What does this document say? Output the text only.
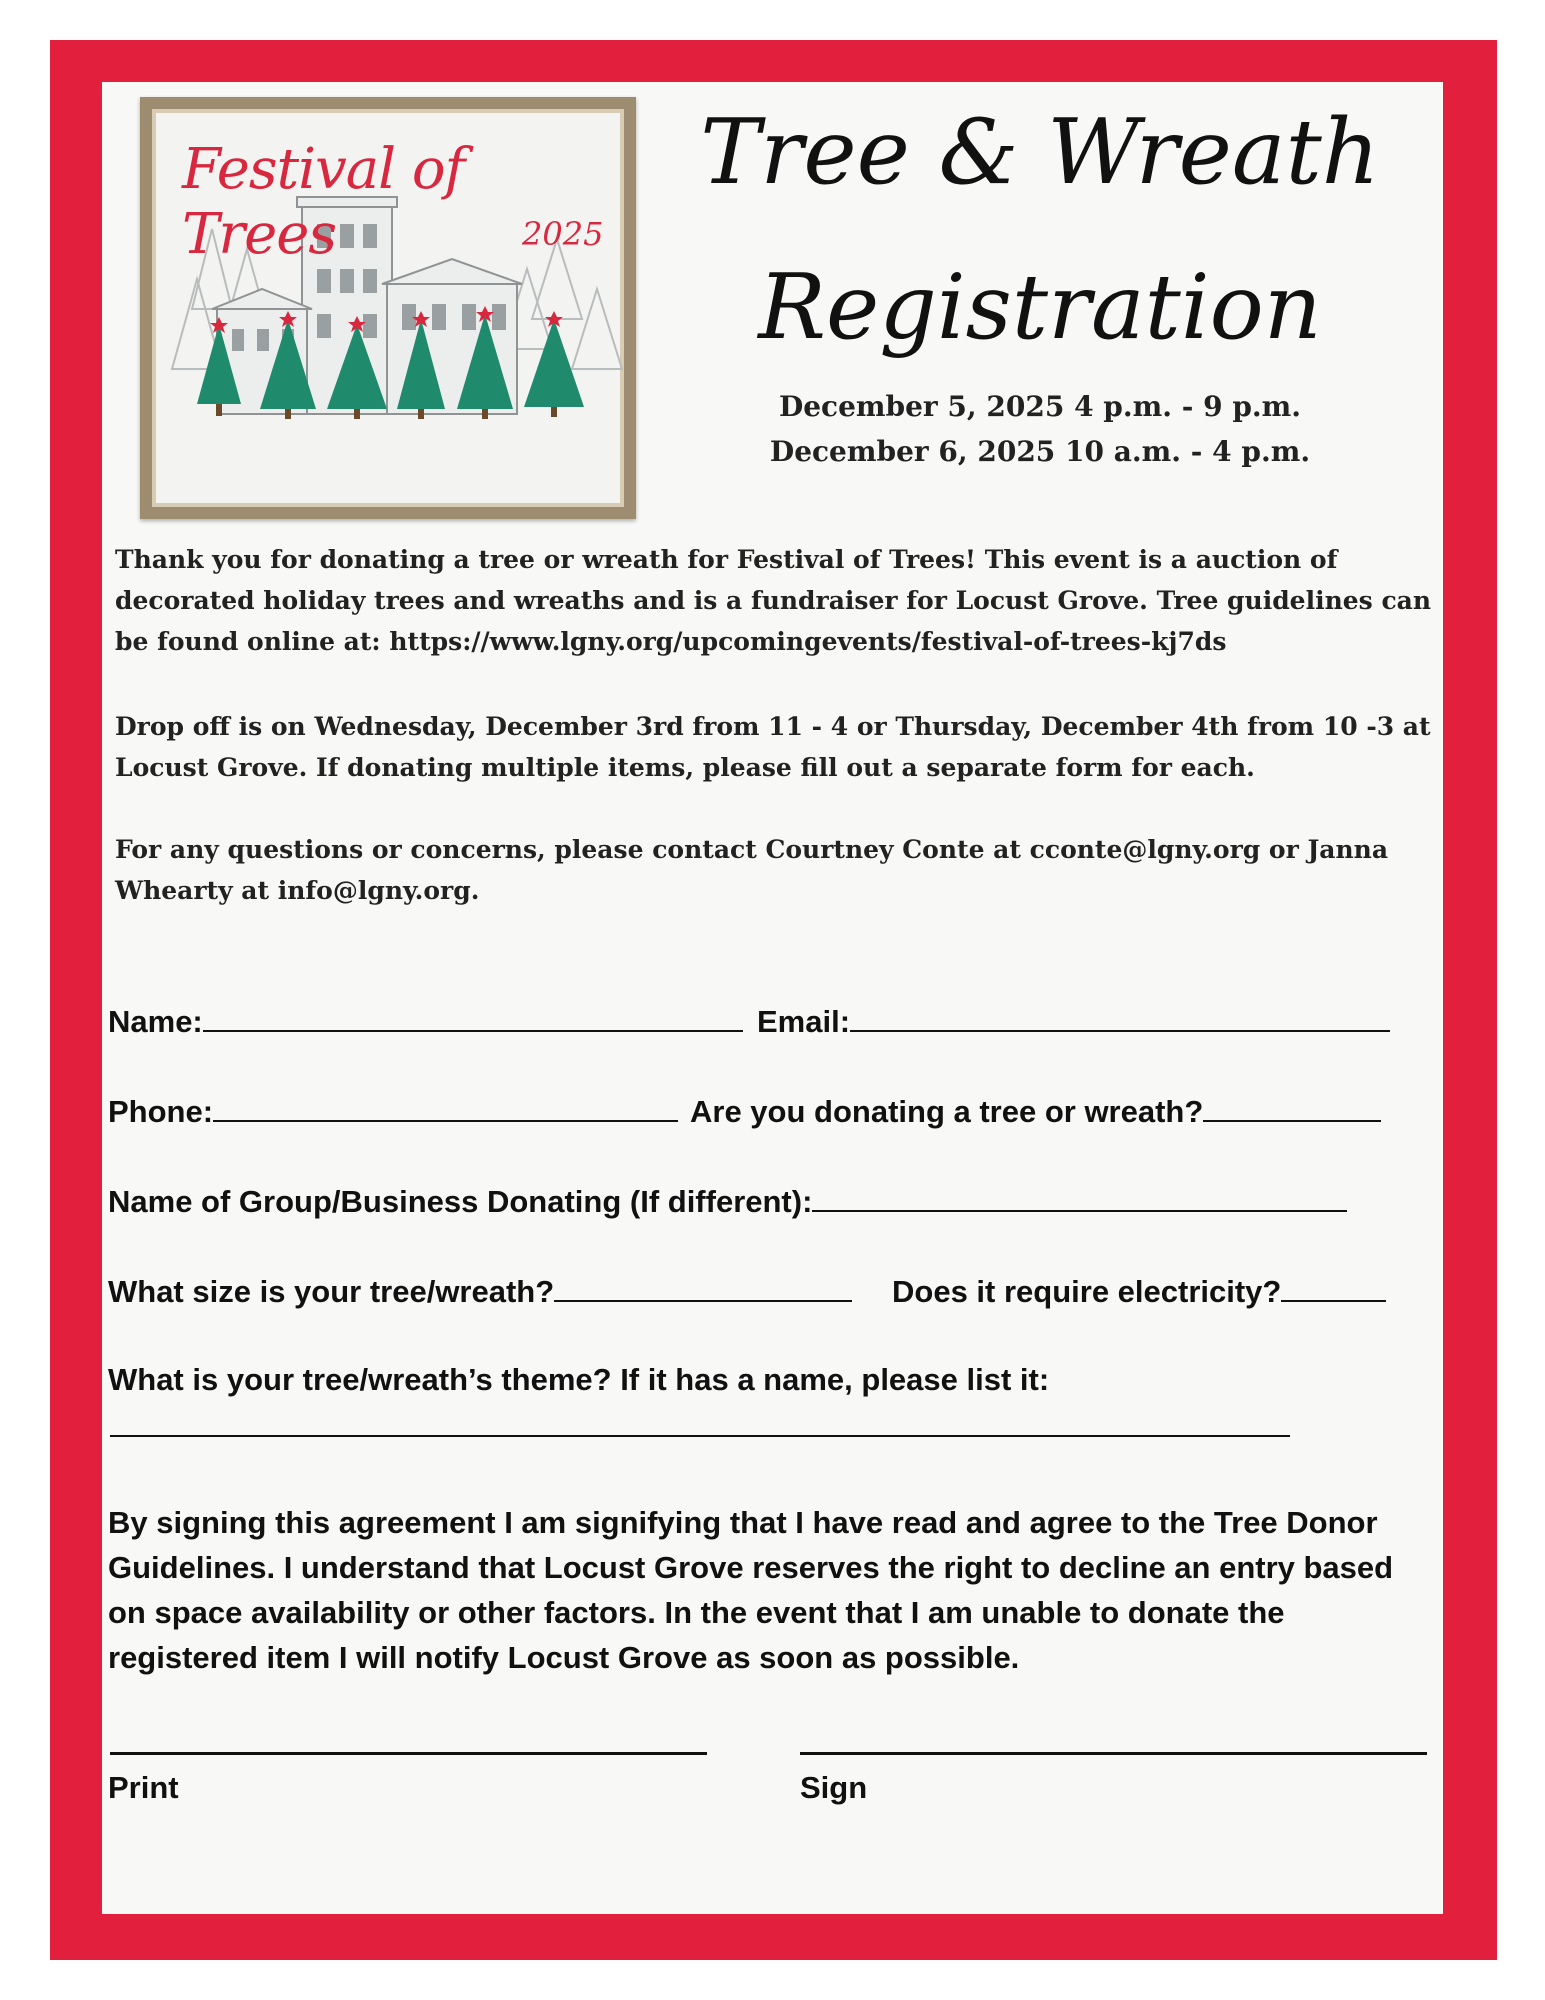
Festival of Trees	2025
Tree & Wreath
Registration
December 5, 2025 4 p.m. - 9 p.m.
December 6, 2025 10 a.m. - 4 p.m.
Thank you for donating a tree or wreath for Festival of Trees! This event is a auction of decorated holiday trees and wreaths and is a fundraiser for Locust Grove. Tree guidelines can be found online at: https://www.lgny.org/upcomingevents/festival-of-trees-kj7ds
Drop off is on Wednesday, December 3rd from 11 - 4 or Thursday, December 4th from 10 -3 at Locust Grove. If donating multiple items, please fill out a separate form for each.
For any questions or concerns, please contact Courtney Conte at cconte@lgny.org or Janna Whearty at info@lgny.org.
Name:	Email:
Phone:	Are you donating a tree or wreath?
Name of Group/Business Donating (If different):
What size is your tree/wreath?	Does it require electricity?
What is your tree/wreath’s theme? If it has a name, please list it:
By signing this agreement I am signifying that I have read and agree to the Tree Donor Guidelines. I understand that Locust Grove reserves the right to decline an entry based on space availability or other factors. In the event that I am unable to donate the registered item I will notify Locust Grove as soon as possible.
Print	Sign
